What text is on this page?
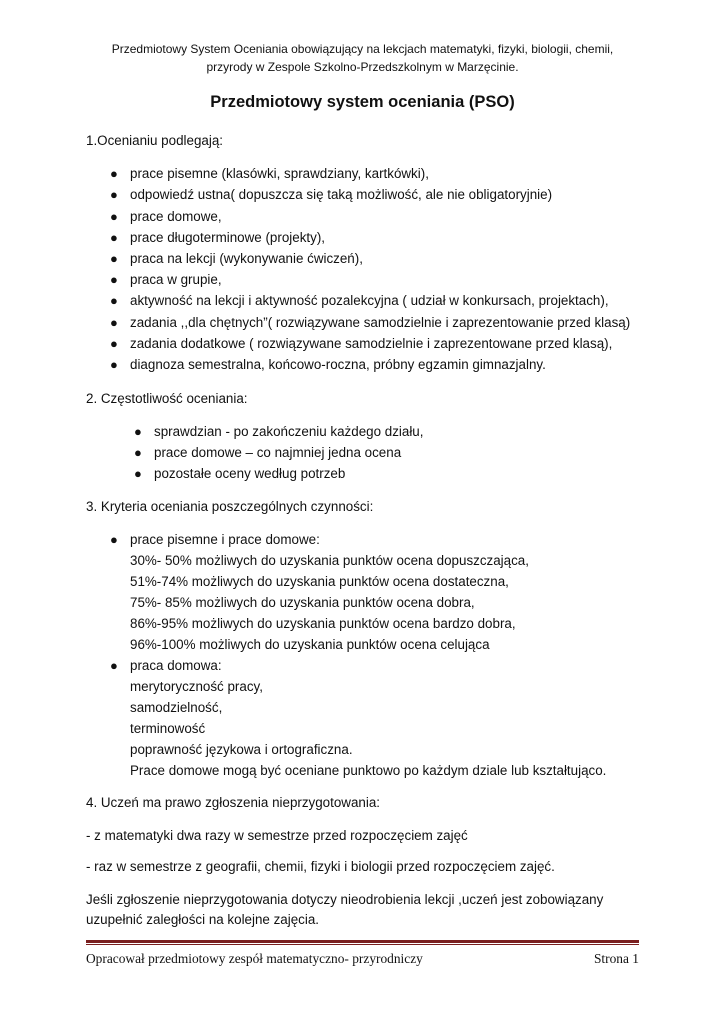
Przedmiotowy System Oceniania obowiązujący na lekcjach matematyki, fizyki, biologii, chemii,
przyrody w Zespole Szkolno-Przedszkolnym w Marzęcinie.
Przedmiotowy system oceniania (PSO)
1.Ocenianiu podlegają:
● prace pisemne (klasówki, sprawdziany, kartkówki),
● odpowiedź ustna( dopuszcza się taką możliwość, ale nie obligatoryjnie)
● prace domowe,
● prace długoterminowe (projekty),
● praca na lekcji (wykonywanie ćwiczeń),
● praca w grupie,
● aktywność na lekcji i aktywność pozalekcyjna ( udział w konkursach, projektach),
● zadania ,,dla chętnych”( rozwiązywane samodzielnie i zaprezentowanie przed klasą)
● zadania dodatkowe ( rozwiązywane samodzielnie i zaprezentowane przed klasą),
● diagnoza semestralna, końcowo-roczna, próbny egzamin gimnazjalny.
2. Częstotliwość oceniania:
● sprawdzian - po zakończeniu każdego działu,
● prace domowe – co najmniej jedna ocena
● pozostałe oceny według potrzeb
3. Kryteria oceniania poszczególnych czynności:
● prace pisemne i prace domowe:
30%- 50% możliwych do uzyskania punktów ocena dopuszczająca,
51%-74% możliwych do uzyskania punktów ocena dostateczna,
75%- 85% możliwych do uzyskania punktów ocena dobra,
86%-95% możliwych do uzyskania punktów ocena bardzo dobra,
96%-100% możliwych do uzyskania punktów ocena celująca
● praca domowa:
merytoryczność pracy,
samodzielność,
terminowość
poprawność językowa i ortograficzna.
Prace domowe mogą być oceniane punktowo po każdym dziale lub kształtująco.
4. Uczeń ma prawo zgłoszenia nieprzygotowania:
- z matematyki dwa razy w semestrze przed rozpoczęciem zajęć
- raz w semestrze z geografii, chemii, fizyki i biologii przed rozpoczęciem zajęć.
Jeśli zgłoszenie nieprzygotowania dotyczy nieodrobienia lekcji ,uczeń jest zobowiązany
uzupełnić zaległości na kolejne zajęcia.
Opracował przedmiotowy zespół matematyczno- przyrodniczy	Strona 1
